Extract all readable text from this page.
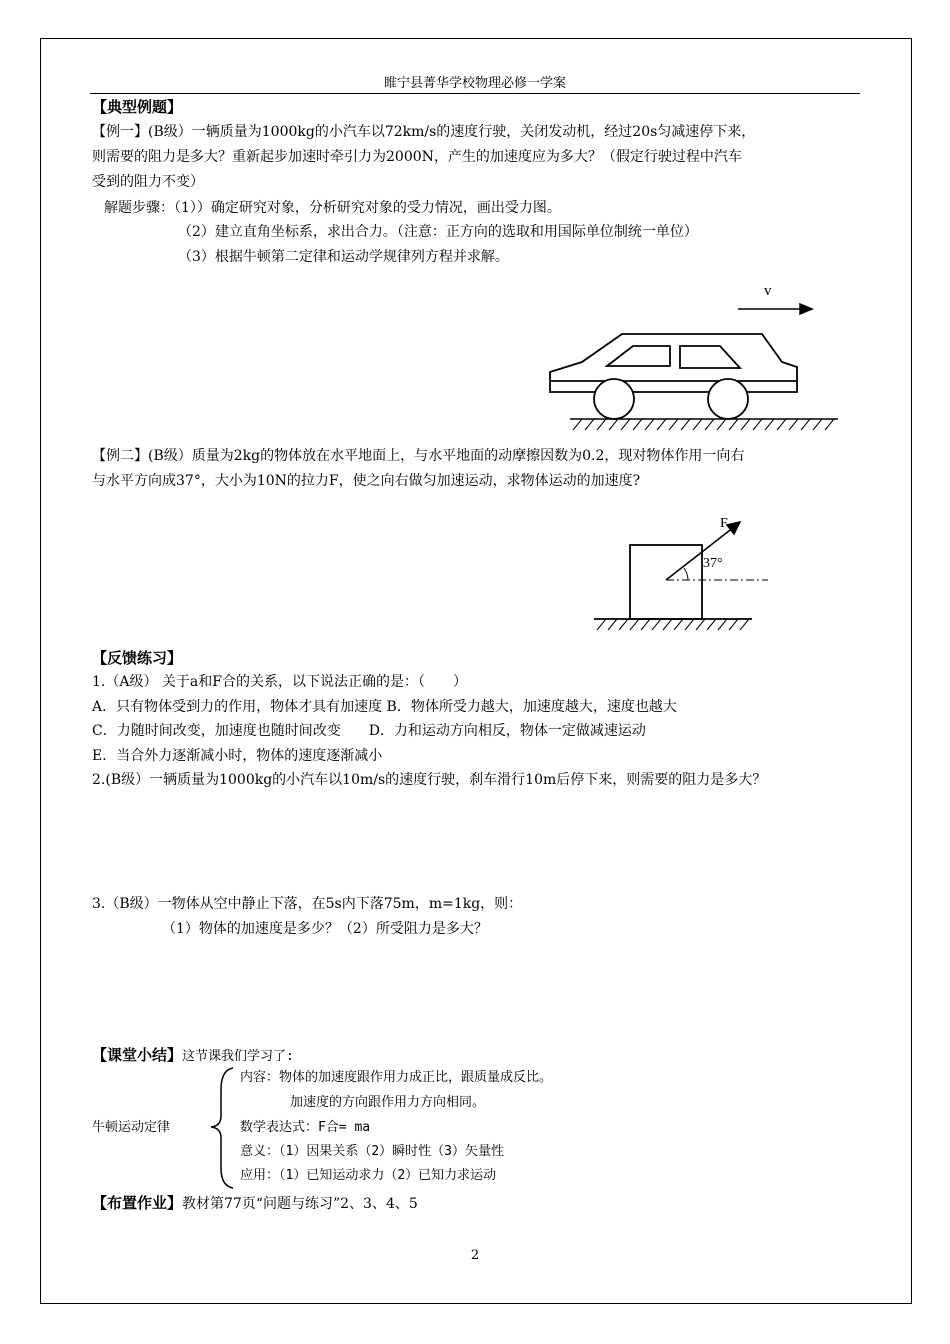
睢宁县菁华学校物理必修一学案
【典型例题】
【例一】(B级）一辆质量为1000kg的小汽车以72km/s的速度行驶，关闭发动机，经过20s匀减速停下来，
则需要的阻力是多大？重新起步加速时牵引力为2000N，产生的加速度应为多大？（假定行驶过程中汽车
受到的阻力不变）
解题步骤：（1））确定研究对象，分析研究对象的受力情况，画出受力图。
（2）建立直角坐标系，求出合力。（注意：正方向的选取和用国际单位制统一单位）
（3）根据牛顿第二定律和运动学规律列方程并求解。
v
【例二】(B级）质量为2kg的物体放在水平地面上，与水平地面的动摩擦因数为0.2，现对物体作用一向右
与水平方向成37°，大小为10N的拉力F，使之向右做匀加速运动，求物体运动的加速度?
F
37°
【反馈练习】
1.（A级） 关于a和F合的关系，以下说法正确的是：（　　）
A．只有物体受到力的作用，物体才具有加速度 B．物体所受力越大，加速度越大，速度也越大
C．力随时间改变，加速度也随时间改变　　D．力和运动方向相反，物体一定做减速运动
E．当合外力逐渐减小时，物体的速度逐渐减小
2.(B级）一辆质量为1000kg的小汽车以10m/s的速度行驶，刹车滑行10m后停下来，则需要的阻力是多大？
3.（B级）一物体从空中静止下落，在5s内下落75m，m=1kg，则：
（1）物体的加速度是多少？（2）所受阻力是多大？
【课堂小结】这节课我们学习了:
牛顿运动定律
内容：物体的加速度跟作用力成正比，跟质量成反比。
加速度的方向跟作用力方向相同。
数学表达式：F合= ma
意义：（1）因果关系（2）瞬时性（3）矢量性
应用：（1）已知运动求力（2）已知力求运动
【布置作业】教材第77页“问题与练习”2、3、4、5
2
